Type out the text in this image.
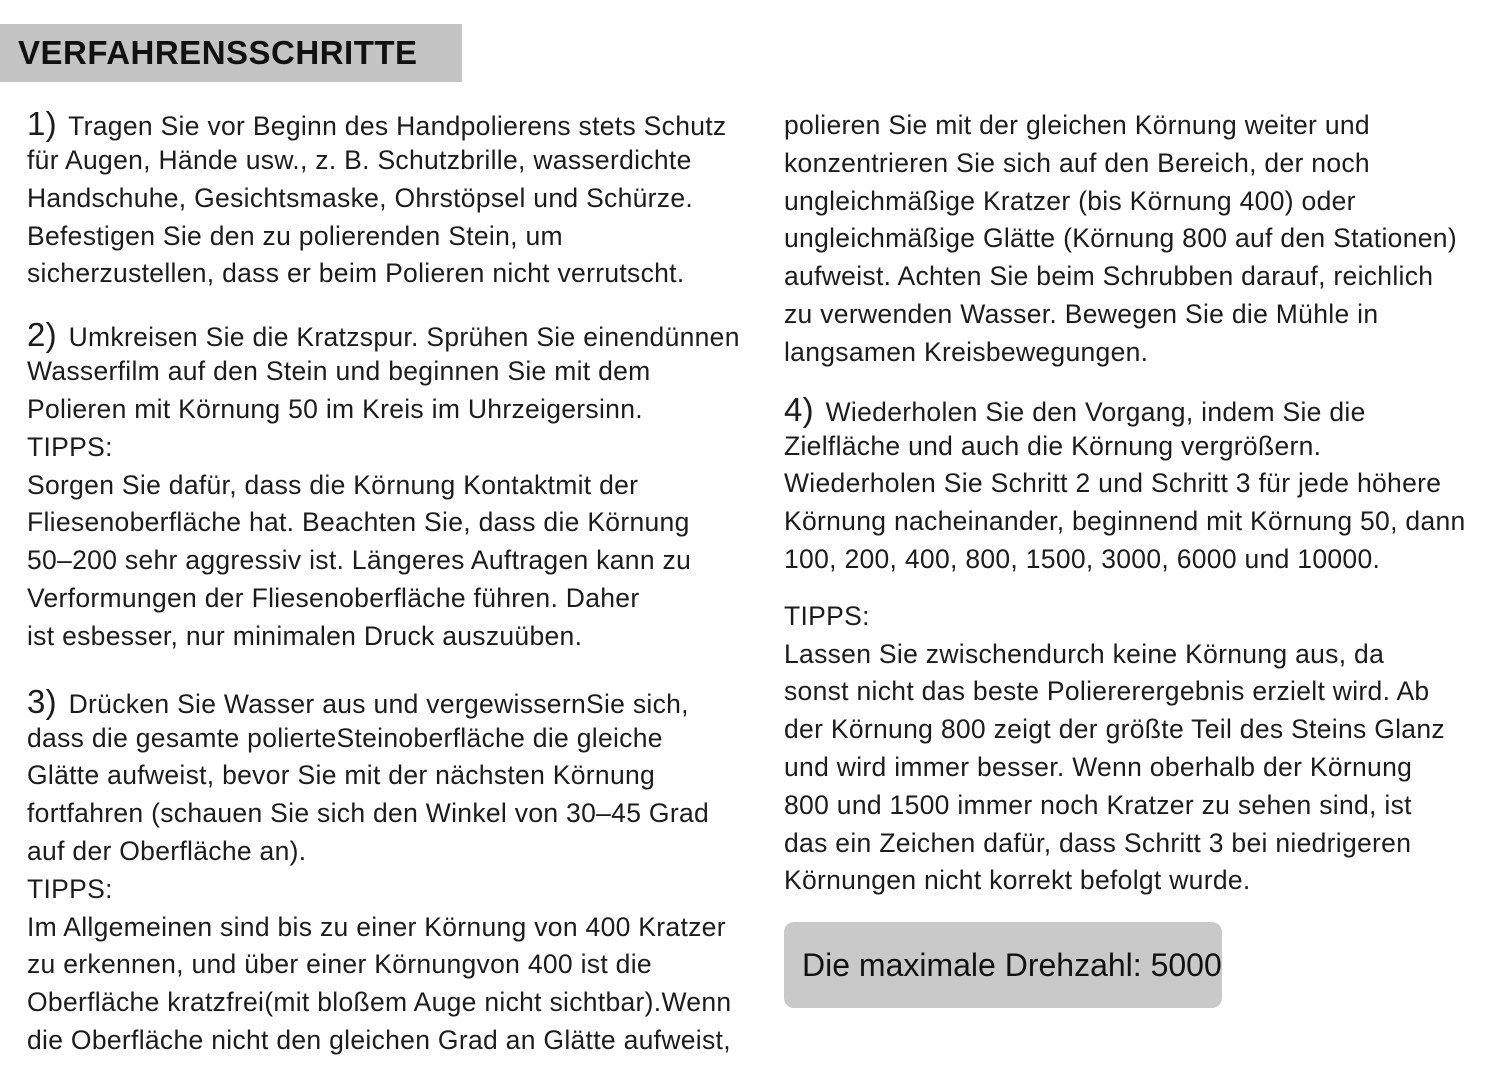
VERFAHRENSSCHRITTE
1) Tragen Sie vor Beginn des Handpolierens stets Schutz
für Augen, Hände usw., z. B. Schutzbrille, wasserdichte
Handschuhe, Gesichtsmaske, Ohrstöpsel und Schürze.
Befestigen Sie den zu polierenden Stein, um
sicherzustellen, dass er beim Polieren nicht verrutscht.
2) Umkreisen Sie die Kratzspur. Sprühen Sie einendünnen
Wasserfilm auf den Stein und beginnen Sie mit dem
Polieren mit Körnung 50 im Kreis im Uhrzeigersinn.
TIPPS:
Sorgen Sie dafür, dass die Körnung Kontaktmit der
Fliesenoberfläche hat. Beachten Sie, dass die Körnung
50–200 sehr aggressiv ist. Längeres Auftragen kann zu
Verformungen der Fliesenoberfläche führen. Daher
ist esbesser, nur minimalen Druck auszuüben.
3) Drücken Sie Wasser aus und vergewissernSie sich,
dass die gesamte polierteSteinoberfläche die gleiche
Glätte aufweist, bevor Sie mit der nächsten Körnung
fortfahren (schauen Sie sich den Winkel von 30–45 Grad
auf der Oberfläche an).
TIPPS:
Im Allgemeinen sind bis zu einer Körnung von 400 Kratzer
zu erkennen, und über einer Körnungvon 400 ist die
Oberfläche kratzfrei(mit bloßem Auge nicht sichtbar).Wenn
die Oberfläche nicht den gleichen Grad an Glätte aufweist,
polieren Sie mit der gleichen Körnung weiter und
konzentrieren Sie sich auf den Bereich, der noch
ungleichmäßige Kratzer (bis Körnung 400) oder
ungleichmäßige Glätte (Körnung 800 auf den Stationen)
aufweist. Achten Sie beim Schrubben darauf, reichlich
zu verwenden Wasser. Bewegen Sie die Mühle in
langsamen Kreisbewegungen.
4) Wiederholen Sie den Vorgang, indem Sie die
Zielfläche und auch die Körnung vergrößern.
Wiederholen Sie Schritt 2 und Schritt 3 für jede höhere
Körnung nacheinander, beginnend mit Körnung 50, dann
100, 200, 400, 800, 1500, 3000, 6000 und 10000.
TIPPS:
Lassen Sie zwischendurch keine Körnung aus, da
sonst nicht das beste Poliererergebnis erzielt wird. Ab
der Körnung 800 zeigt der größte Teil des Steins Glanz
und wird immer besser. Wenn oberhalb der Körnung
800 und 1500 immer noch Kratzer zu sehen sind, ist
das ein Zeichen dafür, dass Schritt 3 bei niedrigeren
Körnungen nicht korrekt befolgt wurde.
Die maximale Drehzahl: 5000
